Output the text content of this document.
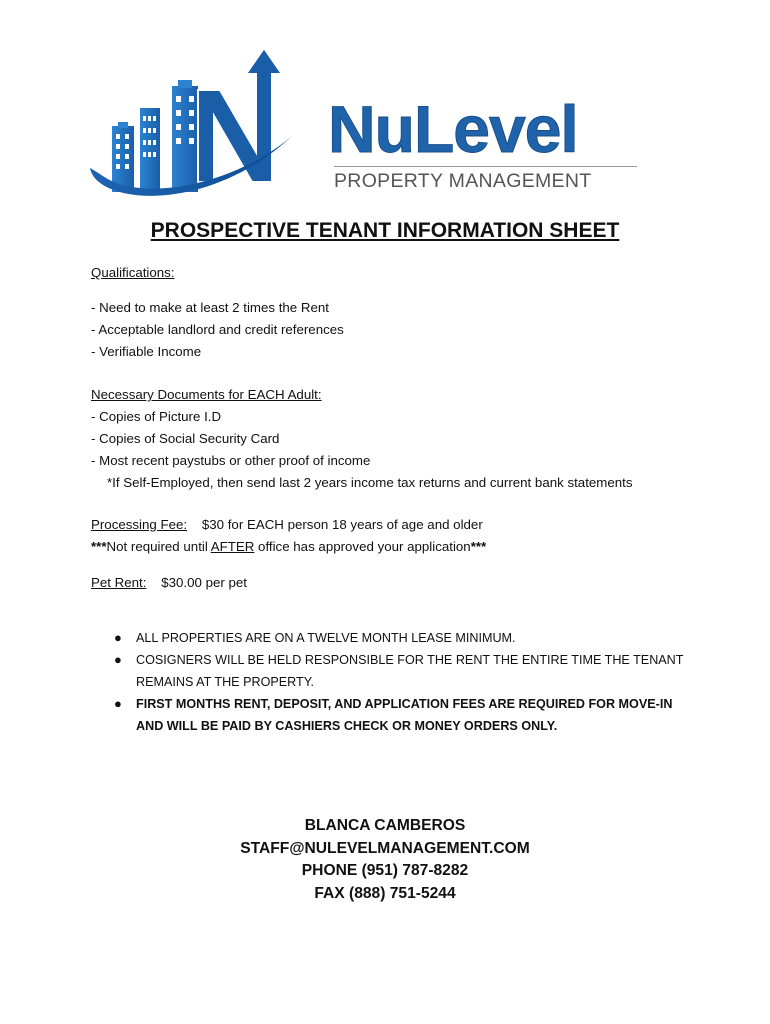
NuLevel
PROPERTY MANAGEMENT
PROSPECTIVE TENANT INFORMATION SHEET
Qualifications:
- Need to make at least 2 times the Rent
- Acceptable landlord and credit references
- Verifiable Income
Necessary Documents for EACH Adult:
- Copies of Picture I.D
- Copies of Social Security Card
- Most recent paystubs or other proof of income
*If Self-Employed, then send last 2 years income tax returns and current bank statements
Processing Fee: $30 for EACH person 18 years of age and older
***Not required until AFTER office has approved your application***
Pet Rent: $30.00 per pet
● ALL PROPERTIES ARE ON A TWELVE MONTH LEASE MINIMUM.
● COSIGNERS WILL BE HELD RESPONSIBLE FOR THE RENT THE ENTIRE TIME THE TENANT REMAINS AT THE PROPERTY.
● FIRST MONTHS RENT, DEPOSIT, AND APPLICATION FEES ARE REQUIRED FOR MOVE-IN AND WILL BE PAID BY CASHIERS CHECK OR MONEY ORDERS ONLY.
BLANCA CAMBEROS
STAFF@NULEVELMANAGEMENT.COM
PHONE (951) 787-8282
FAX (888) 751-5244
